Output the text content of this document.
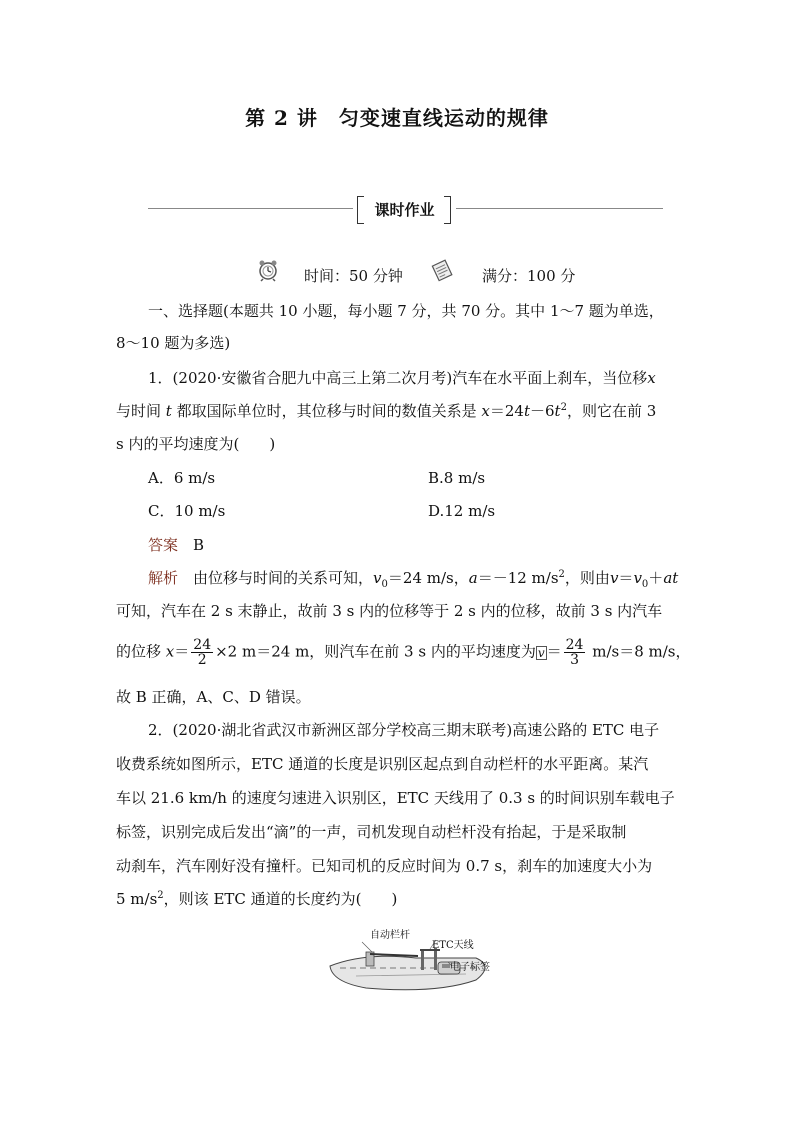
第 2 讲　匀变速直线运动的规律
课时作业
时间：50 分钟	满分：100 分
一、选择题(本题共 10 小题，每小题 7 分，共 70 分。其中 1～7 题为单选，
8～10 题为多选)
1．(2020·安徽省合肥九中高三上第二次月考)汽车在水平面上刹车，当位移x
与时间 t 都取国际单位时，其位移与时间的数值关系是 $x=24t-6t^2$，则它在前 3
s 内的平均速度为(　　)
A．6 m/s	B.8 m/s
C．10 m/s	D.12 m/s
答案　 B
解析　 由位移与时间的关系可知，$v_0=24$ m/s，a＝－12 $m/s^2$，则由$v=v_0+at$
可知，汽车在 2 s 末静止，故前 3 s 内的位移等于 2 s 内的位移，故前 3 s 内汽车
的位移 $x= \frac{24}{2} \times 2$ m＝24 m，则汽车在前 3 s 内的平均速度为 $v = \frac{24}{3} m/s=8$ m/s，
故 B 正确，A、C、D 错误。
2．(2020·湖北省武汉市新洲区部分学校高三期末联考)高速公路的 ETC 电子
收费系统如图所示，ETC 通道的长度是识别区起点到自动栏杆的水平距离。某汽
车以 21.6 km/h 的速度匀速进入识别区，ETC 天线用了 0.3 s 的时间识别车载电子
标签，识别完成后发出“滴”的一声，司机发现自动栏杆没有抬起，于是采取制
动刹车，汽车刚好没有撞杆。已知司机的反应时间为 0.7 s，刹车的加速度大小为
5 $m/s^2$，则该 ETC 通道的长度约为(　　)
自动栏杆
ETC天线
电子标签
